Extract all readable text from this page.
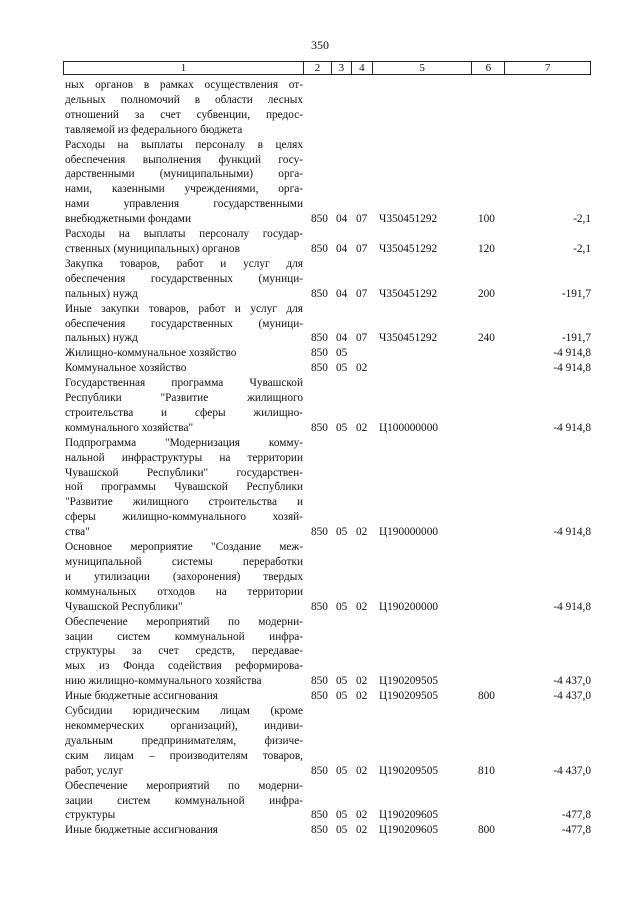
350
1	2	3	4	5	6	7
ных органов в рамках осуществления от-
дельных полномочий в области лесных
отношений за счет субвенции, предос-
тавляемой из федерального бюджета
Расходы на выплаты персоналу в целях
обеспечения выполнения функций госу-
дарственными (муниципальными) орга-
нами, казенными учреждениями, орга-
нами управления государственными
внебюджетными фондами	850 04 07	Ч350451292	100	-2,1
Расходы на выплаты персоналу государ-
ственных (муниципальных) органов	850 04 07	Ч350451292	120	-2,1
Закупка товаров, работ и услуг для
обеспечения государственных (муници-
пальных) нужд	850 04 07	Ч350451292	200	-191,7
Иные закупки товаров, работ и услуг для
обеспечения государственных (муници-
пальных) нужд	850 04 07	Ч350451292	240	-191,7
Жилищно-коммунальное хозяйство	850 05	-4 914,8
Коммунальное хозяйство	850 05 02	-4 914,8
Государственная программа Чувашской
Республики "Развитие жилищного
строительства и сферы жилищно-
коммунального хозяйства"	850 05 02	Ц100000000	-4 914,8
Подпрограмма "Модернизация комму-
нальной инфраструктуры на территории
Чувашской Республики" государствен-
ной программы Чувашской Республики
"Развитие жилищного строительства и
сферы жилищно-коммунального хозяй-
ства"	850 05 02	Ц190000000	-4 914,8
Основное мероприятие "Создание меж-
муниципальной системы переработки
и утилизации (захоронения) твердых
коммунальных отходов на территории
Чувашской Республики"	850 05 02	Ц190200000	-4 914,8
Обеспечение мероприятий по модерни-
зации систем коммунальной инфра-
структуры за счет средств, передавае-
мых из Фонда содействия реформирова-
нию жилищно-коммунального хозяйства	850 05 02	Ц190209505	-4 437,0
Иные бюджетные ассигнования	850 05 02	Ц190209505	800	-4 437,0
Субсидии юридическим лицам (кроме
некоммерческих организаций), индиви-
дуальным предпринимателям, физиче-
ским лицам – производителям товаров,
работ, услуг	850 05 02	Ц190209505	810	-4 437,0
Обеспечение мероприятий по модерни-
зации систем коммунальной инфра-
структуры	850 05 02	Ц190209605	-477,8
Иные бюджетные ассигнования	850 05 02	Ц190209605	800	-477,8
